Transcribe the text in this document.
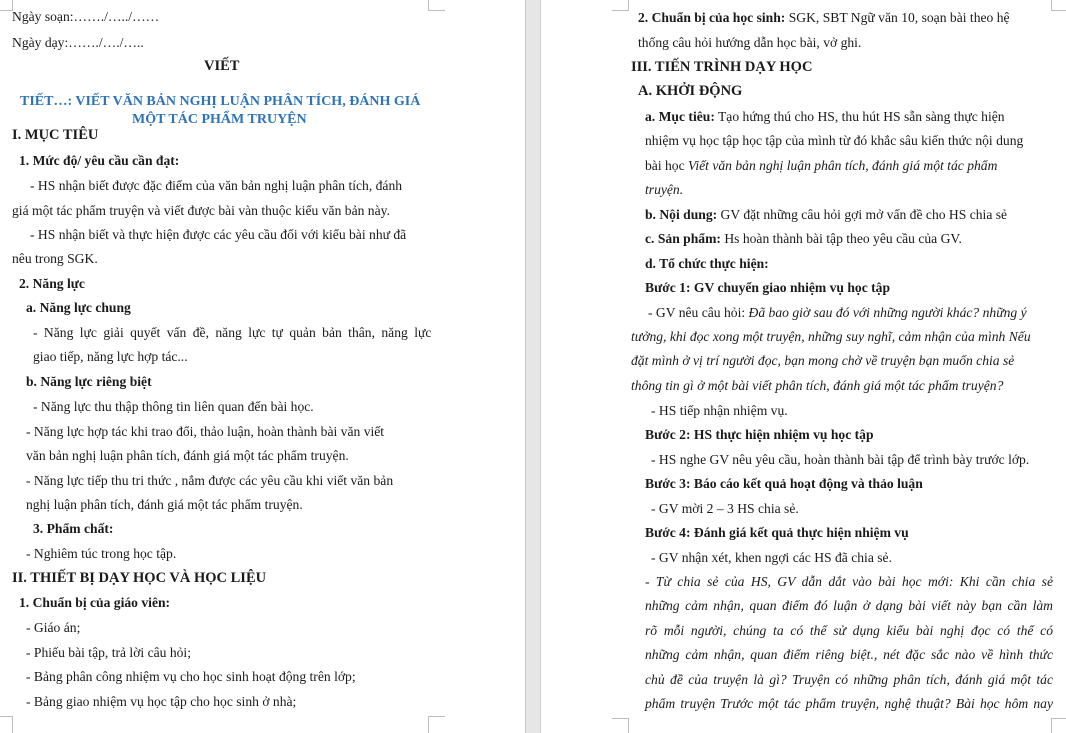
Ngày soạn:……./…../……
Ngày dạy:……./…./…..
VIẾT
TIẾT…: VIẾT VĂN BẢN NGHỊ LUẬN PHÂN TÍCH, ĐÁNH GIÁ
MỘT TÁC PHẨM TRUYỆN
I. MỤC TIÊU
1. Mức độ/ yêu cầu cần đạt:
- HS nhận biết được đặc điểm của văn bản nghị luận phân tích, đánh
giá một tác phẩm truyện và viết được bài vàn thuộc kiểu văn bản này.
- HS nhận biết và thực hiện được các yêu cầu đối với kiểu bài như đã
nêu trong SGK.
2. Năng lực
a. Năng lực chung
- Năng lực giải quyết vấn đề, năng lực tự quản bản thân, năng lực
giao tiếp, năng lực hợp tác...
b. Năng lực riêng biệt
- Năng lực thu thập thông tin liên quan đến bài học.
- Năng lực hợp tác khi trao đổi, thảo luận, hoàn thành bài văn viết
văn bản nghị luận phân tích, đánh giá một tác phẩm truyện.
- Năng lực tiếp thu tri thức , nắm được các yêu cầu khi viết văn bản
nghị luận phân tích, đánh giá một tác phẩm truyện.
3. Phẩm chất:
- Nghiêm túc trong học tập.
II. THIẾT BỊ DẠY HỌC VÀ HỌC LIỆU
1. Chuẩn bị của giáo viên:
- Giáo án;
- Phiếu bài tập, trả lời câu hỏi;
- Bảng phân công nhiệm vụ cho học sinh hoạt động trên lớp;
- Bảng giao nhiệm vụ học tập cho học sinh ở nhà;
2. Chuẩn bị của học sinh: SGK, SBT Ngữ văn 10, soạn bài theo hệ
thống câu hỏi hướng dẫn học bài, vở ghi.
III. TIẾN TRÌNH DẠY HỌC
A. KHỞI ĐỘNG
a. Mục tiêu: Tạo hứng thú cho HS, thu hút HS sẵn sàng thực hiện
nhiệm vụ học tập học tập của mình từ đó khắc sâu kiến thức nội dung
bài học Viết văn bản nghị luận phân tích, đánh giá một tác phẩm
truyện.
b. Nội dung: GV đặt những câu hỏi gợi mở vấn đề cho HS chia sẻ
c. Sản phẩm: Hs hoàn thành bài tập theo yêu cầu của GV.
d. Tổ chức thực hiện:
Bước 1: GV chuyển giao nhiệm vụ học tập
- GV nêu câu hỏi: Đã bao giờ sau đó với những người khác? những ý
tưởng, khi đọc xong một truyện, những suy nghĩ, cảm nhận của mình Nếu
đặt mình ở vị trí người đọc, bạn mong chờ về truyện bạn muốn chia sẻ
thông tin gì ở một bài viết phân tích, đánh giá một tác phẩm truyện?
- HS tiếp nhận nhiệm vụ.
Bước 2: HS thực hiện nhiệm vụ học tập
- HS nghe GV nêu yêu cầu, hoàn thành bài tập để trình bày trước lớp.
Bước 3: Báo cáo kết quả hoạt động và thảo luận
- GV mời 2 – 3 HS chia sẻ.
Bước 4: Đánh giá kết quả thực hiện nhiệm vụ
- GV nhận xét, khen ngợi các HS đã chia sẻ.
- Từ chia sẻ của HS, GV dẫn dắt vào bài học mới: Khi cần chia sẻ
những cảm nhận, quan điểm đó luận ở dạng bài viết này bạn cần làm
rõ mỗi người, chúng ta có thể sử dụng kiểu bài nghị đọc có thể có
những cảm nhận, quan điểm riêng biệt., nét đặc sắc nào về hình thức
chủ đề của truyện là gì? Truyện có những phân tích, đánh giá một tác
phẩm truyện Trước một tác phẩm truyện, nghệ thuật? Bài học hôm nay
